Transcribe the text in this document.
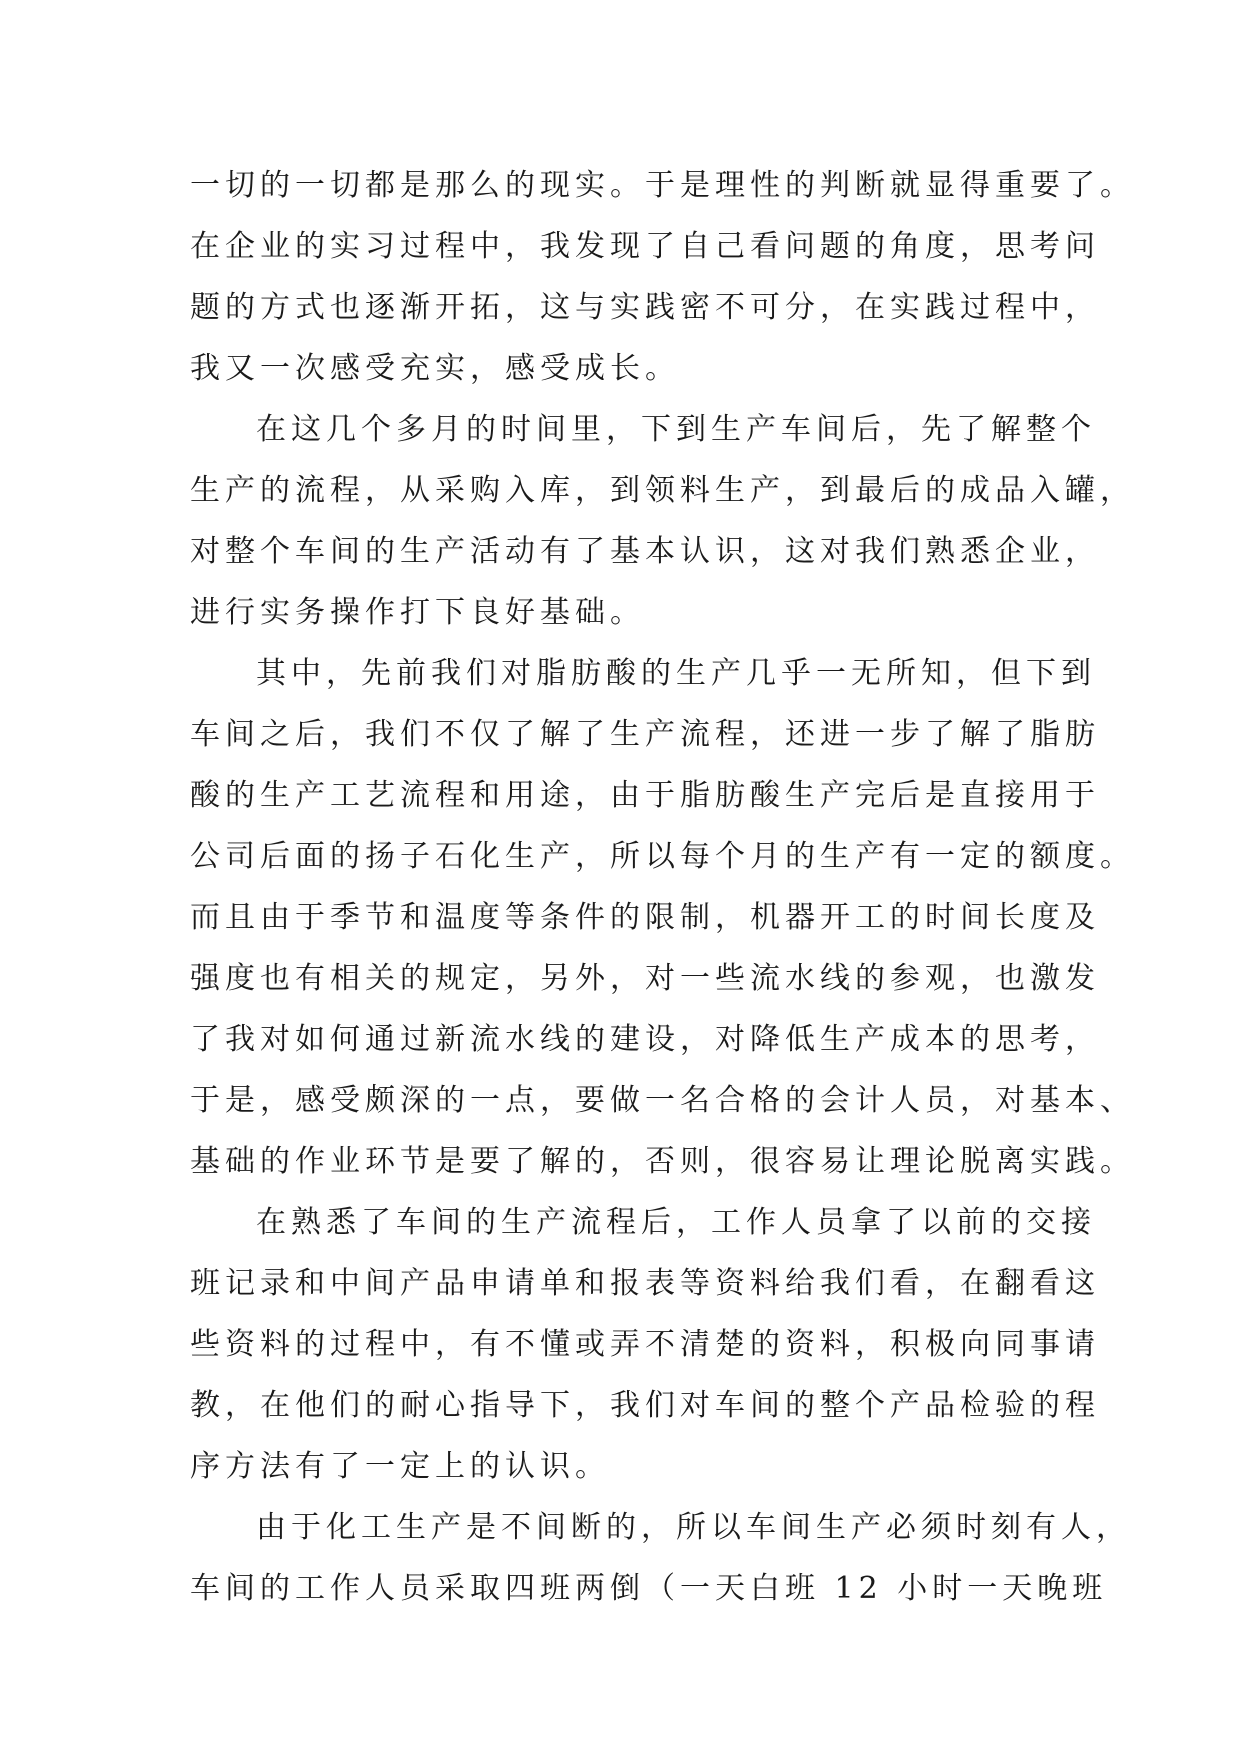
一切的一切都是那么的现实。于是理性的判断就显得重要了。
在企业的实习过程中，我发现了自己看问题的角度，思考问
题的方式也逐渐开拓，这与实践密不可分，在实践过程中，
我又一次感受充实，感受成长。
在这几个多月的时间里，下到生产车间后，先了解整个
生产的流程，从采购入库，到领料生产，到最后的成品入罐，
对整个车间的生产活动有了基本认识，这对我们熟悉企业，
进行实务操作打下良好基础。
其中，先前我们对脂肪酸的生产几乎一无所知，但下到
车间之后，我们不仅了解了生产流程，还进一步了解了脂肪
酸的生产工艺流程和用途，由于脂肪酸生产完后是直接用于
公司后面的扬子石化生产，所以每个月的生产有一定的额度。
而且由于季节和温度等条件的限制，机器开工的时间长度及
强度也有相关的规定，另外，对一些流水线的参观，也激发
了我对如何通过新流水线的建设，对降低生产成本的思考，
于是，感受颇深的一点，要做一名合格的会计人员，对基本、
基础的作业环节是要了解的，否则，很容易让理论脱离实践。
在熟悉了车间的生产流程后，工作人员拿了以前的交接
班记录和中间产品申请单和报表等资料给我们看，在翻看这
些资料的过程中，有不懂或弄不清楚的资料，积极向同事请
教，在他们的耐心指导下，我们对车间的整个产品检验的程
序方法有了一定上的认识。
由于化工生产是不间断的，所以车间生产必须时刻有人，
车间的工作人员采取四班两倒（一天白班 12 小时一天晚班
